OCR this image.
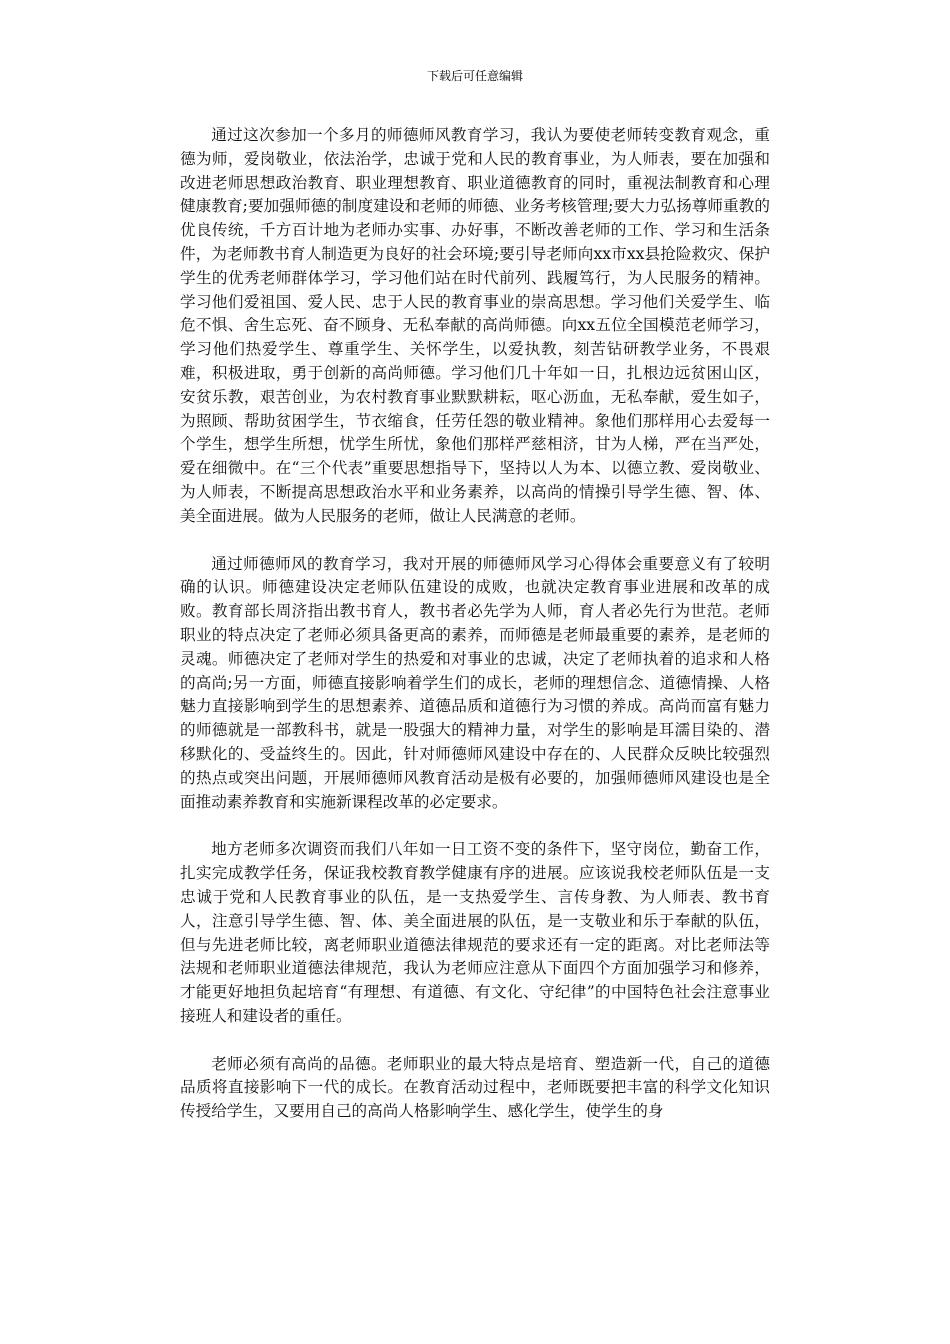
下载后可任意编辑

通过这次参加一个多月的师德师风教育学习，我认为要使老师转变教育观念，重德为师，爱岗敬业，依法治学，忠诚于党和人民的教育事业，为人师表，要在加强和改进老师思想政治教育、职业理想教育、职业道德教育的同时，重视法制教育和心理健康教育;要加强师德的制度建设和老师的师德、业务考核管理;要大力弘扬尊师重教的优良传统，千方百计地为老师办实事、办好事，不断改善老师的工作、学习和生活条件，为老师教书育人制造更为良好的社会环境;要引导老师向xx市xx县抢险救灾、保护学生的优秀老师群体学习，学习他们站在时代前列、践履笃行，为人民服务的精神。学习他们爱祖国、爱人民、忠于人民的教育事业的崇高思想。学习他们关爱学生、临危不惧、舍生忘死、奋不顾身、无私奉献的高尚师德。向xx五位全国模范老师学习，学习他们热爱学生、尊重学生、关怀学生，以爱执教，刻苦钻研教学业务，不畏艰难，积极进取，勇于创新的高尚师德。学习他们几十年如一日，扎根边远贫困山区，安贫乐教，艰苦创业，为农村教育事业默默耕耘，呕心沥血，无私奉献，爱生如子，为照顾、帮助贫困学生，节衣缩食，任劳任怨的敬业精神。象他们那样用心去爱每一个学生，想学生所想，忧学生所忧，象他们那样严慈相济，甘为人梯，严在当严处，爱在细微中。在“三个代表”重要思想指导下，坚持以人为本、以德立教、爱岗敬业、为人师表，不断提高思想政治水平和业务素养，以高尚的情操引导学生德、智、体、美全面进展。做为人民服务的老师，做让人民满意的老师。

通过师德师风的教育学习，我对开展的师德师风学习心得体会重要意义有了较明确的认识。师德建设决定老师队伍建设的成败，也就决定教育事业进展和改革的成败。教育部长周济指出教书育人，教书者必先学为人师，育人者必先行为世范。老师职业的特点决定了老师必须具备更高的素养，而师德是老师最重要的素养，是老师的灵魂。师德决定了老师对学生的热爱和对事业的忠诚，决定了老师执着的追求和人格的高尚;另一方面，师德直接影响着学生们的成长，老师的理想信念、道德情操、人格魅力直接影响到学生的思想素养、道德品质和道德行为习惯的养成。高尚而富有魅力的师德就是一部教科书，就是一股强大的精神力量，对学生的影响是耳濡目染的、潜移默化的、受益终生的。因此，针对师德师风建设中存在的、人民群众反映比较强烈的热点或突出问题，开展师德师风教育活动是极有必要的，加强师德师风建设也是全面推动素养教育和实施新课程改革的必定要求。

地方老师多次调资而我们八年如一日工资不变的条件下，坚守岗位，勤奋工作，扎实完成教学任务，保证我校教育教学健康有序的进展。应该说我校老师队伍是一支忠诚于党和人民教育事业的队伍，是一支热爱学生、言传身教、为人师表、教书育人，注意引导学生德、智、体、美全面进展的队伍，是一支敬业和乐于奉献的队伍，但与先进老师比较，离老师职业道德法律规范的要求还有一定的距离。对比老师法等法规和老师职业道德法律规范，我认为老师应注意从下面四个方面加强学习和修养，才能更好地担负起培育“有理想、有道德、有文化、守纪律”的中国特色社会注意事业接班人和建设者的重任。

老师必须有高尚的品德。老师职业的最大特点是培育、塑造新一代，自己的道德品质将直接影响下一代的成长。在教育活动过程中，老师既要把丰富的科学文化知识传授给学生，又要用自己的高尚人格影响学生、感化学生，使学生的身
